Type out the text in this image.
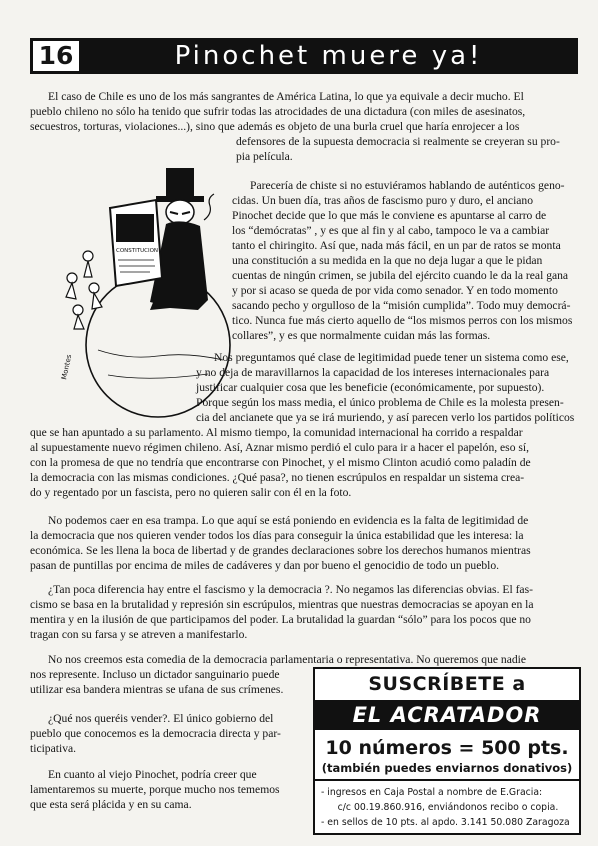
16	Pinochet muere ya!
El caso de Chile es uno de los más sangrantes de América Latina, lo que ya equivale a decir mucho. El
pueblo chileno no sólo ha tenido que sufrir todas las atrocidades de una dictadura (con miles de asesinatos,
secuestros, torturas, violaciones...), sino que además es objeto de una burla cruel que haría enrojecer a los
defensores de la supuesta democracia si realmente se creyeran su pro-
pia película.
CONSTITUCION
Montes
Parecería de chiste si no estuviéramos hablando de auténticos geno-
cidas. Un buen día, tras años de fascismo puro y duro, el anciano
Pinochet decide que lo que más le conviene es apuntarse al carro de
los “demócratas” , y es que al fin y al cabo, tampoco le va a cambiar
tanto el chiringito. Así que, nada más fácil, en un par de ratos se monta
una constitución a su medida en la que no deja lugar a que le pidan
cuentas de ningún crimen, se jubila del ejército cuando le da la real gana
y por si acaso se queda de por vida como senador. Y en todo momento
sacando pecho y orgulloso de la “misión cumplida”. Todo muy democrá-
tico. Nunca fue más cierto aquello de “los mismos perros con los mismos
collares”, y es que normalmente cuidan más las formas.
Nos preguntamos qué clase de legitimidad puede tener un sistema como ese,
y no deja de maravillarnos la capacidad de los intereses internacionales para
justificar cualquier cosa que les beneficie (económicamente, por supuesto).
Porque según los mass media, el único problema de Chile es la molesta presen-
cia del ancianete que ya se irá muriendo, y así parecen verlo los partidos políticos
que se han apuntado a su parlamento. Al mismo tiempo, la comunidad internacional ha corrido a respaldar
al supuestamente nuevo régimen chileno. Así, Aznar mismo perdió el culo para ir a hacer el papelón, eso sí,
con la promesa de que no tendría que encontrarse con Pinochet, y el mismo Clinton acudió como paladín de
la democracia con las mismas condiciones. ¿Qué pasa?, no tienen escrúpulos en respaldar un sistema crea-
do y regentado por un fascista, pero no quieren salir con él en la foto.
No podemos caer en esa trampa. Lo que aquí se está poniendo en evidencia es la falta de legitimidad de
la democracia que nos quieren vender todos los días para conseguir la única estabilidad que les interesa: la
económica. Se les llena la boca de libertad y de grandes declaraciones sobre los derechos humanos mientras
pasan de puntillas por encima de miles de cadáveres y dan por bueno el genocidio de todo un pueblo.
¿Tan poca diferencia hay entre el fascismo y la democracia ?. No negamos las diferencias obvias. El fas-
cismo se basa en la brutalidad y represión sin escrúpulos, mientras que nuestras democracias se apoyan en la
mentira y en la ilusión de que participamos del poder. La brutalidad la guardan “sólo” para los pocos que no
tragan con su farsa y se atreven a manifestarlo.
No nos creemos esta comedia de la democracia parlamentaria o representativa. No queremos que nadie
nos represente. Incluso un dictador sanguinario puede
utilizar esa bandera mientras se ufana de sus crímenes.
¿Qué nos queréis vender?. El único gobierno del
pueblo que conocemos es la democracia directa y par-
ticipativa.
En cuanto al viejo Pinochet, podría creer que
lamentaremos su muerte, porque mucho nos tememos
que esta será plácida y en su cama.
SUSCRÍBETE a
EL ACRATADOR
10 números = 500 pts.
(también puedes enviarnos donativos)
- ingresos en Caja Postal a nombre de E.Gracia:
c/c 00.19.860.916, enviándonos recibo o copia.
- en sellos de 10 pts. al apdo. 3.141 50.080 Zaragoza
